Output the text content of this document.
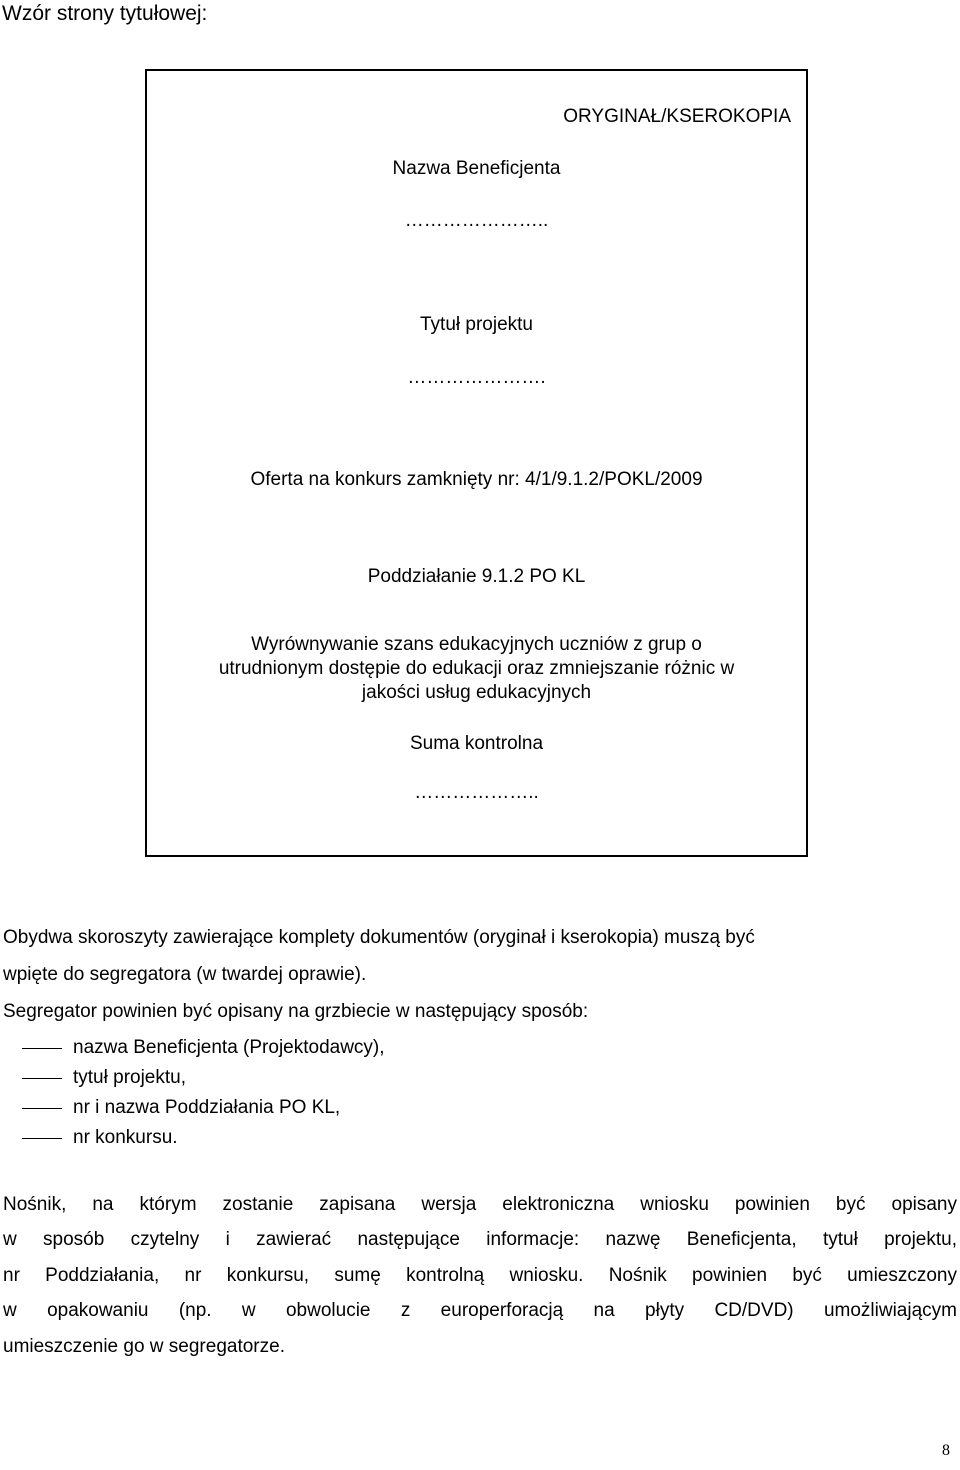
Wzór strony tytułowej:
ORYGINAŁ/KSEROKOPIA
Nazwa Beneficjenta
…………………..
Tytuł projektu
………………….
Oferta na konkurs zamknięty nr: 4/1/9.1.2/POKL/2009
Poddziałanie 9.1.2 PO KL
Wyrównywanie szans edukacyjnych uczniów z grup o
utrudnionym dostępie do edukacji oraz zmniejszanie różnic w
jakości usług edukacyjnych
Suma kontrolna
………………..
Obydwa skoroszyty zawierające komplety dokumentów (oryginał i kserokopia) muszą być
wpięte do segregatora (w twardej oprawie).
Segregator powinien być opisany na grzbiecie w następujący sposób:
nazwa Beneficjenta (Projektodawcy),
tytuł projektu,
nr i nazwa Poddziałania PO KL,
nr konkursu.
Nośnik, na którym zostanie zapisana wersja elektroniczna wniosku powinien być opisany
w sposób czytelny i zawierać następujące informacje: nazwę Beneficjenta, tytuł projektu,
nr Poddziałania, nr konkursu, sumę kontrolną wniosku. Nośnik powinien być umieszczony
w opakowaniu (np. w obwolucie z europerforacją na płyty CD/DVD) umożliwiającym
umieszczenie go w segregatorze.
8
